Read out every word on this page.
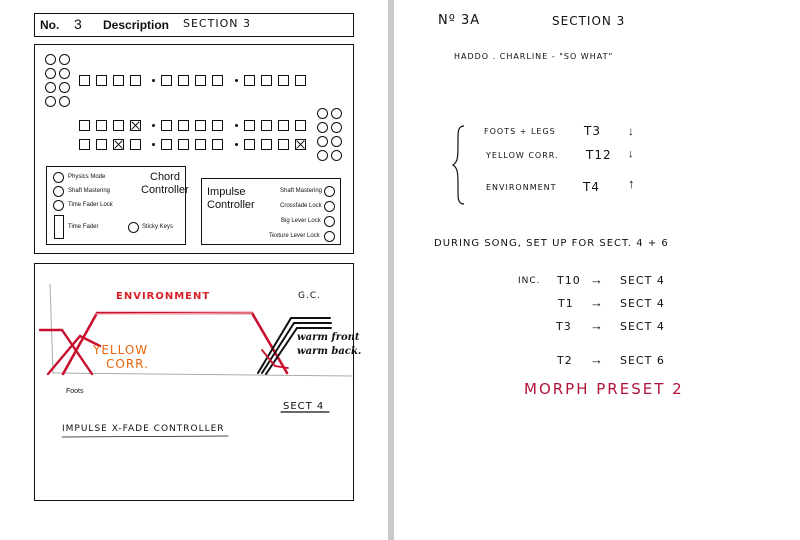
No. 3 Description SECTION 3
Physics Mode
Shaft Mastering
Time Fader Lock
Time Fader	Sticky Keys
Chord
Controller Impulse
Controller
Shaft Mastering
Crossfade Lock
Big Lever Lock
Texture Lever Lock
Foots
ENVIRONMENT	G.C.
YELLOW
CORR.
warm front
warm back.
SECT 4
IMPULSE X-FADE CONTROLLER
Nº 3A	SECTION 3
HADDO . CHARLINE - "SO WHAT"
FOOTS + LEGS T3 ↓
YELLOW CORR. T12 ↓
ENVIRONMENT T4 ↑
DURING SONG, SET UP FOR SECT. 4 + 6
INC. T10 → SECT 4
T1 → SECT 4
T3 → SECT 4
T2 → SECT 6
MORPH PRESET 2
